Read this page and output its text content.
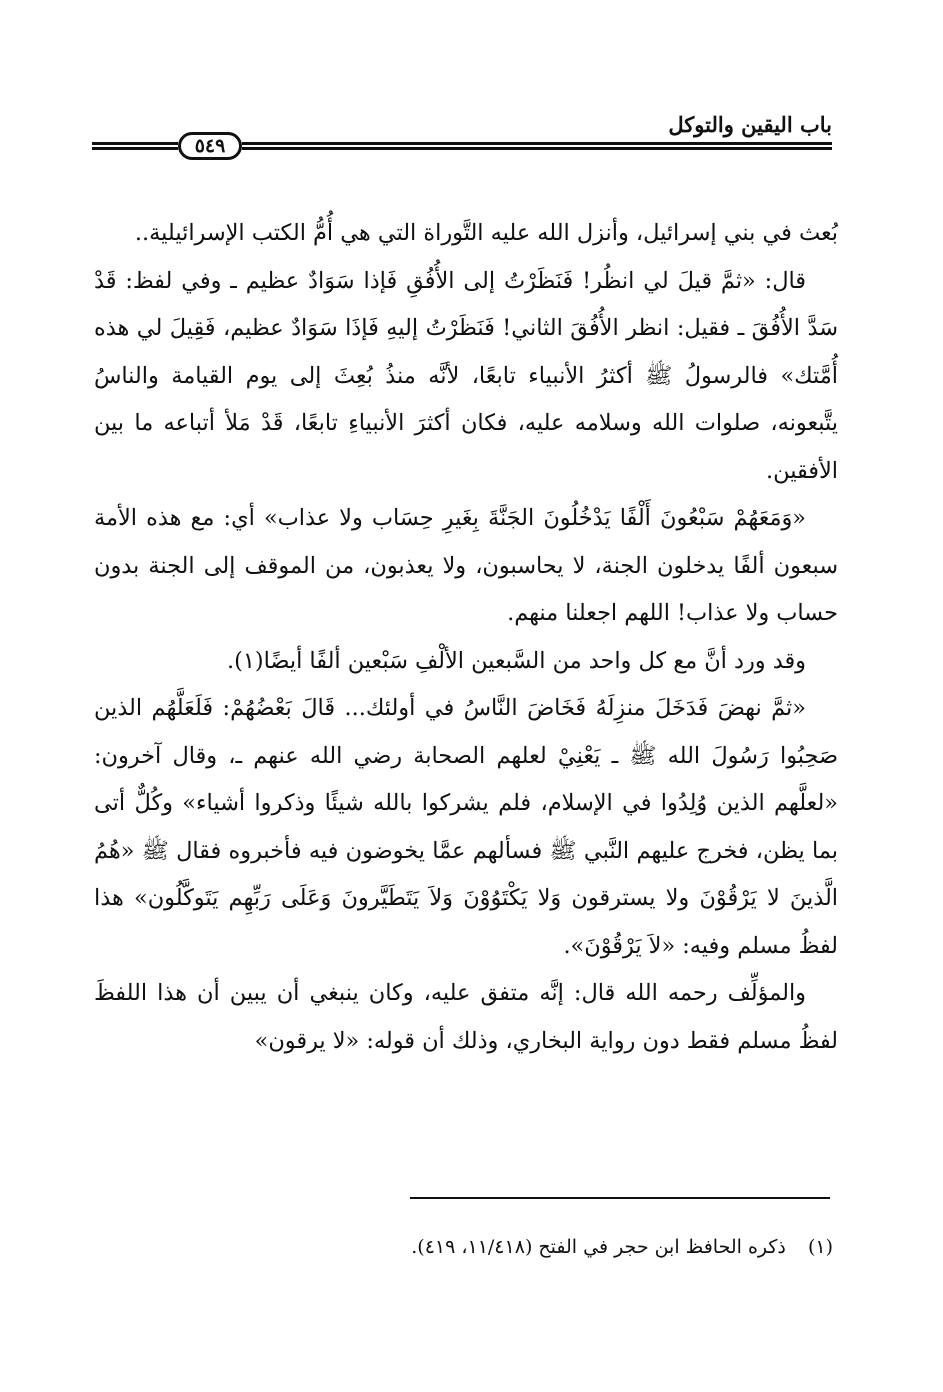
باب اليقين والتوكل
٥٤٩

بُعث في بني إسرائيل، وأنزل الله عليه التَّوراة التي هي أُمُّ الكتب الإسرائيلية..

قال: «ثمَّ قيلَ لي انظُر! فَنَظَرْتُ إلى الأُفُقِ فَإذا سَوَادٌ عظيم ـ وفي لفظ: قَدْ سَدَّ الأُفُقَ ـ فقيل: انظر الأُفُقَ الثاني! فَنَظَرْتُ إليهِ فَإذَا سَوَادٌ عظيم، فَقِيلَ لي هذه أُمَّتك» فالرسولُ ﷺ أكثرُ الأنبياء تابعًا، لأنَّه منذُ بُعِثَ إلى يوم القيامة والناسُ يتَّبعونه، صلوات الله وسلامه عليه، فكان أكثرَ الأنبياءِ تابعًا، قَدْ مَلأ أتباعه ما بين الأفقين.

«وَمَعَهُمْ سَبْعُونَ أَلْفًا يَدْخُلُونَ الجَنَّةَ بِغَيرِ حِسَاب ولا عذاب» أي: مع هذه الأمة سبعون ألفًا يدخلون الجنة، لا يحاسبون، ولا يعذبون، من الموقف إلى الجنة بدون حساب ولا عذاب! اللهم اجعلنا منهم.

وقد ورد أنَّ مع كل واحد من السَّبعين الألْفِ سَبْعين ألفًا أيضًا(١).

«ثمَّ نهضَ فَدَخَلَ منزِلَهُ فَخَاضَ النَّاسُ في أولئك... قَالَ بَعْضُهُمْ: فَلَعَلَّهُم الذين صَحِبُوا رَسُولَ الله ﷺ ـ يَعْنِيْ لعلهم الصحابة رضي الله عنهم ـ، وقال آخرون: «لعلَّهم الذين وُلِدُوا في الإسلام، فلم يشركوا بالله شيئًا وذكروا أشياء» وكُلٌّ أتى بما يظن، فخرج عليهم النَّبي ﷺ فسألهم عمَّا يخوضون فيه فأخبروه فقال ﷺ «هُمُ الَّذينَ لا يَرْقُوْنَ ولا يسترقون وَلا يَكْتَوُوْنَ وَلاَ يَتَطَيَّرونَ وَعَلَى رَبِّهِم يَتَوكَّلُون» هذا لفظُ مسلم وفيه: «لاَ يَرْقُوْنَ».

والمؤلِّف رحمه الله قال: إنَّه متفق عليه، وكان ينبغي أن يبين أن هذا اللفظَ لفظُ مسلم فقط دون رواية البخاري، وذلك أن قوله: «لا يرقون»

(١) ذكره الحافظ ابن حجر في الفتح (١١/٤١٨، ٤١٩).
